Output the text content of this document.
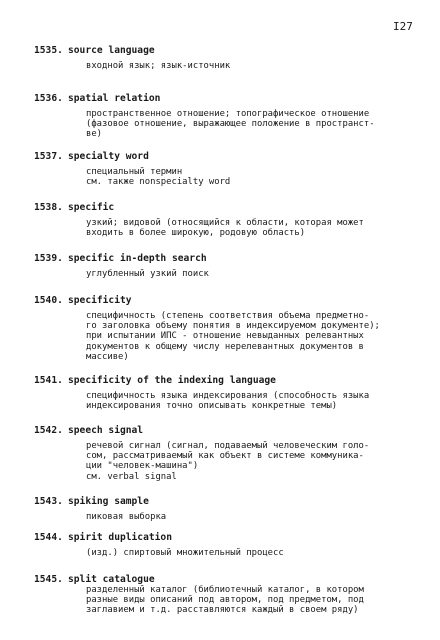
I27
1535. source language
входной язык; язык-источник
1536. spatial relation
пространственное отношение; топографическое отношение
(фазовое отношение, выражающее положение в пространст-
ве)
1537. specialty word
специальный термин
см. также nonspecialty word
1538. specific
узкий; видовой (относящийся к области, которая может
входить в более широкую, родовую область)
1539. specific in-depth search
углубленный узкий поиск
1540. specificity
специфичность (степень соответствия объема предметно-
го заголовка объему понятия в индексируемом документе);
при испытании ИПС - отношение невыданных релевантных
документов к общему числу нерелевантных документов в
массиве)
1541. specificity of the indexing language
специфичность языка индексирования (способность языка
индексирования точно описывать конкретные темы)
1542. speech signal
речевой сигнал (сигнал, подаваемый человеческим голо-
сом, рассматриваемый как объект в системе коммуника-
ции "человек-машина")
см. verbal signal
1543. spiking sample
пиковая выборка
1544. spirit duplication
(изд.) спиртовый множительный процесс
1545. split catalogue
разделенный каталог (библиотечный каталог, в котором
разные виды описаний под автором, под предметом, под
заглавием и т.д. расставляются каждый в своем ряду)
